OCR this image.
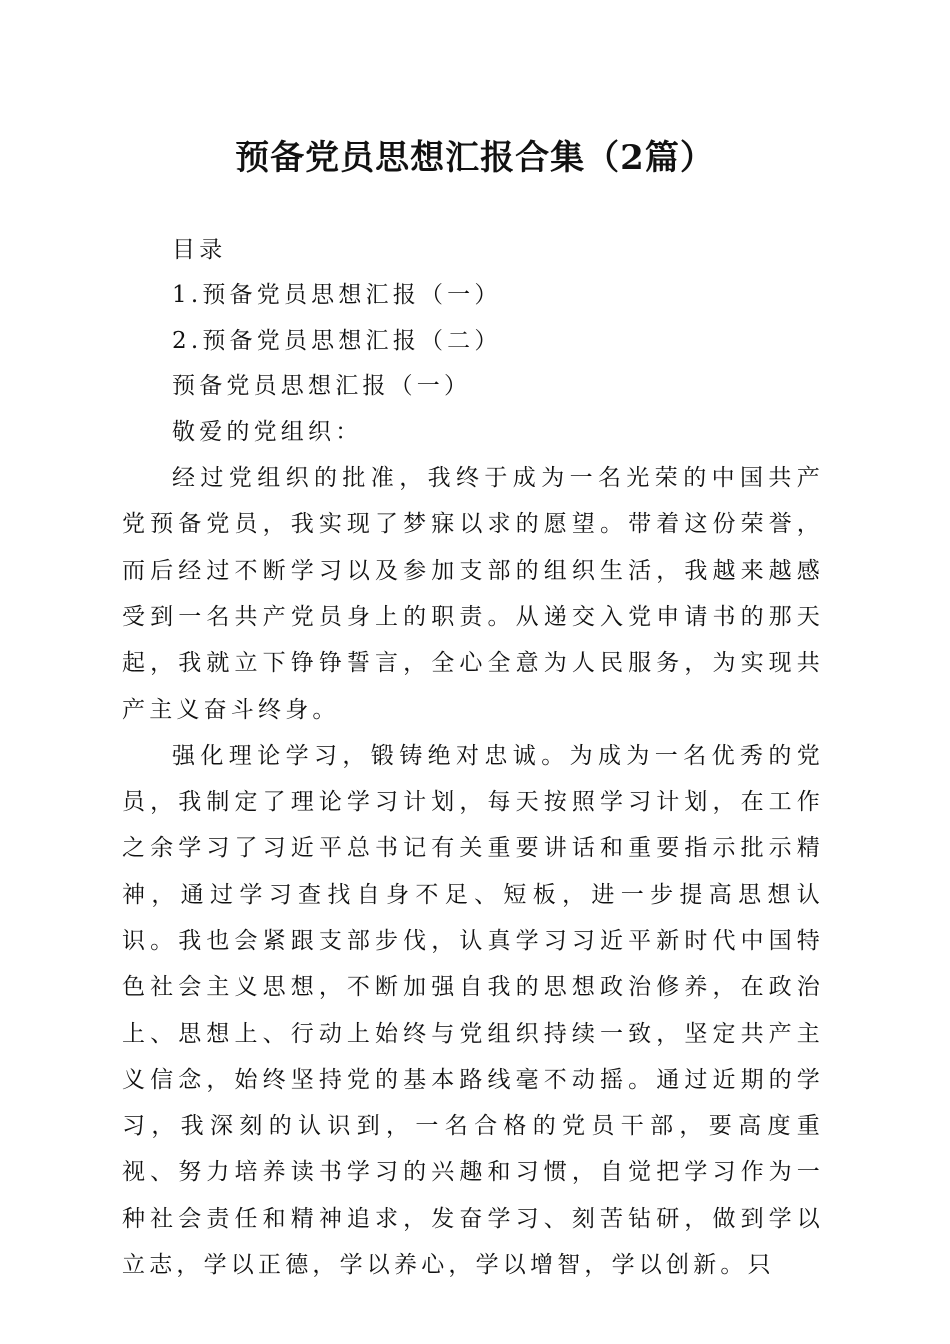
预备党员思想汇报合集（2篇）
目录
1.预备党员思想汇报（一）
2.预备党员思想汇报（二）
预备党员思想汇报（一）
敬爱的党组织：

经过党组织的批准，我终于成为一名光荣的中国共产党预备党员，我实现了梦寐以求的愿望。带着这份荣誉，而后经过不断学习以及参加支部的组织生活，我越来越感受到一名共产党员身上的职责。从递交入党申请书的那天起，我就立下铮铮誓言，全心全意为人民服务，为实现共产主义奋斗终身。

强化理论学习，锻铸绝对忠诚。为成为一名优秀的党员，我制定了理论学习计划，每天按照学习计划，在工作之余学习了习近平总书记有关重要讲话和重要指示批示精神，通过学习查找自身不足、短板，进一步提高思想认识。我也会紧跟支部步伐，认真学习习近平新时代中国特色社会主义思想，不断加强自我的思想政治修养，在政治上、思想上、行动上始终与党组织持续一致，坚定共产主义信念，始终坚持党的基本路线毫不动摇。通过近期的学习，我深刻的认识到，一名合格的党员干部，要高度重视、努力培养读书学习的兴趣和习惯，自觉把学习作为一种社会责任和精神追求，发奋学习、刻苦钻研，做到学以立志，学以正德，学以养心，学以增智，学以创新。只
